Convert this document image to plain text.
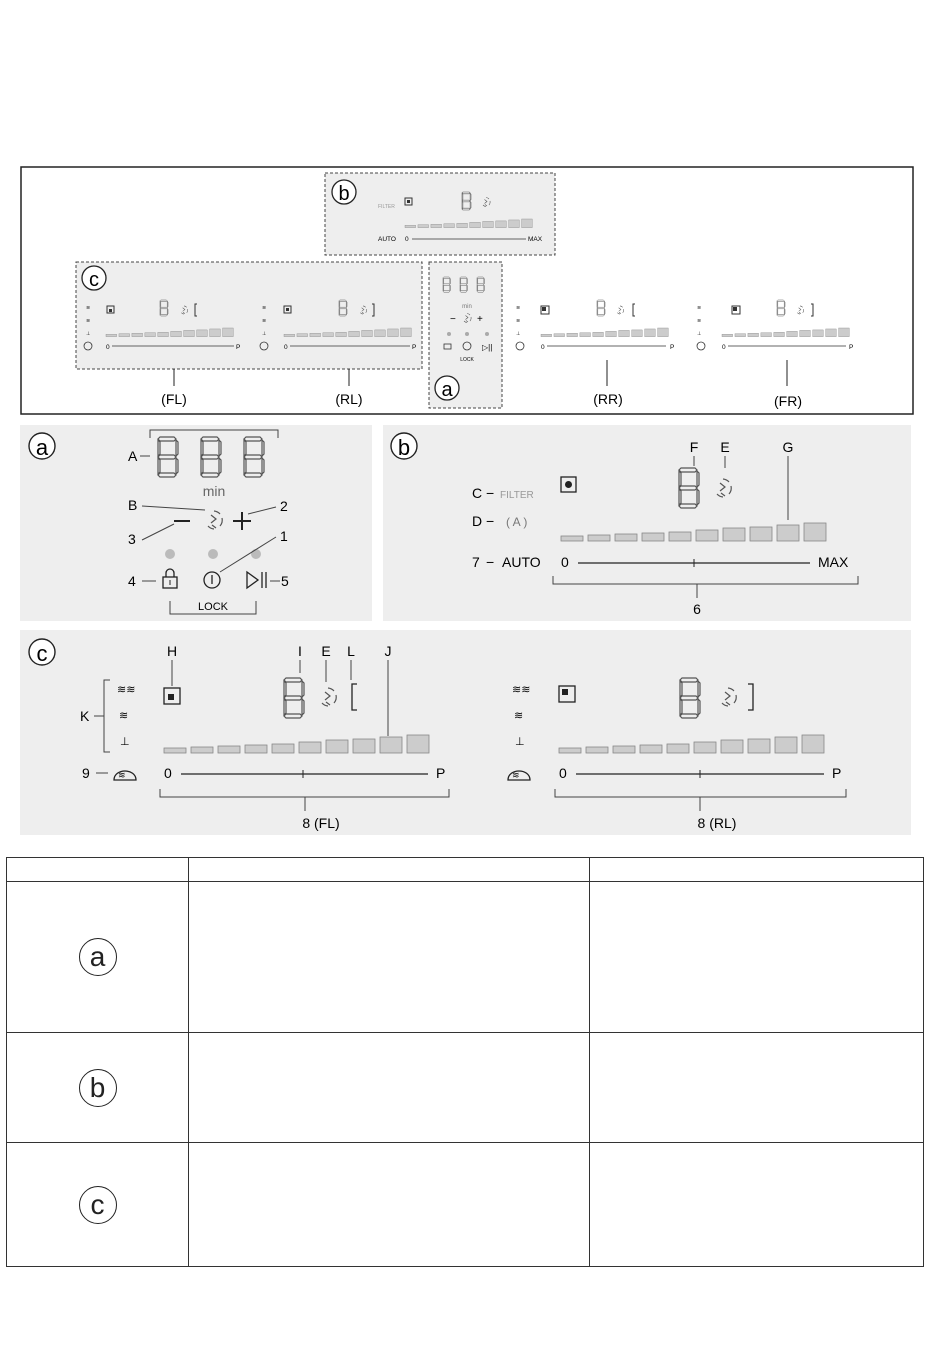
b
FILTER
AUTO 0	MAX
c
≋
≋
⊥
0	P
≋
≋
⊥
0	P
min
− +
▷||
LOCK
a
≋
≋
⊥
0	P
≋
≋
⊥
0	P
(FL)	(RL)	(RR)	(FR)
a	A
min
B	2
3	1
4	5
LOCK
b	F E	G
C − FILTER
D − ( A )
7 − AUTO 0	MAX
6
c	H	I E L J
K
≋≋
≋
⊥
9	≋	0	P
8 (FL)
≋≋
≋
⊥
≋	0	P
8 (RL)

a		

b		

c		
